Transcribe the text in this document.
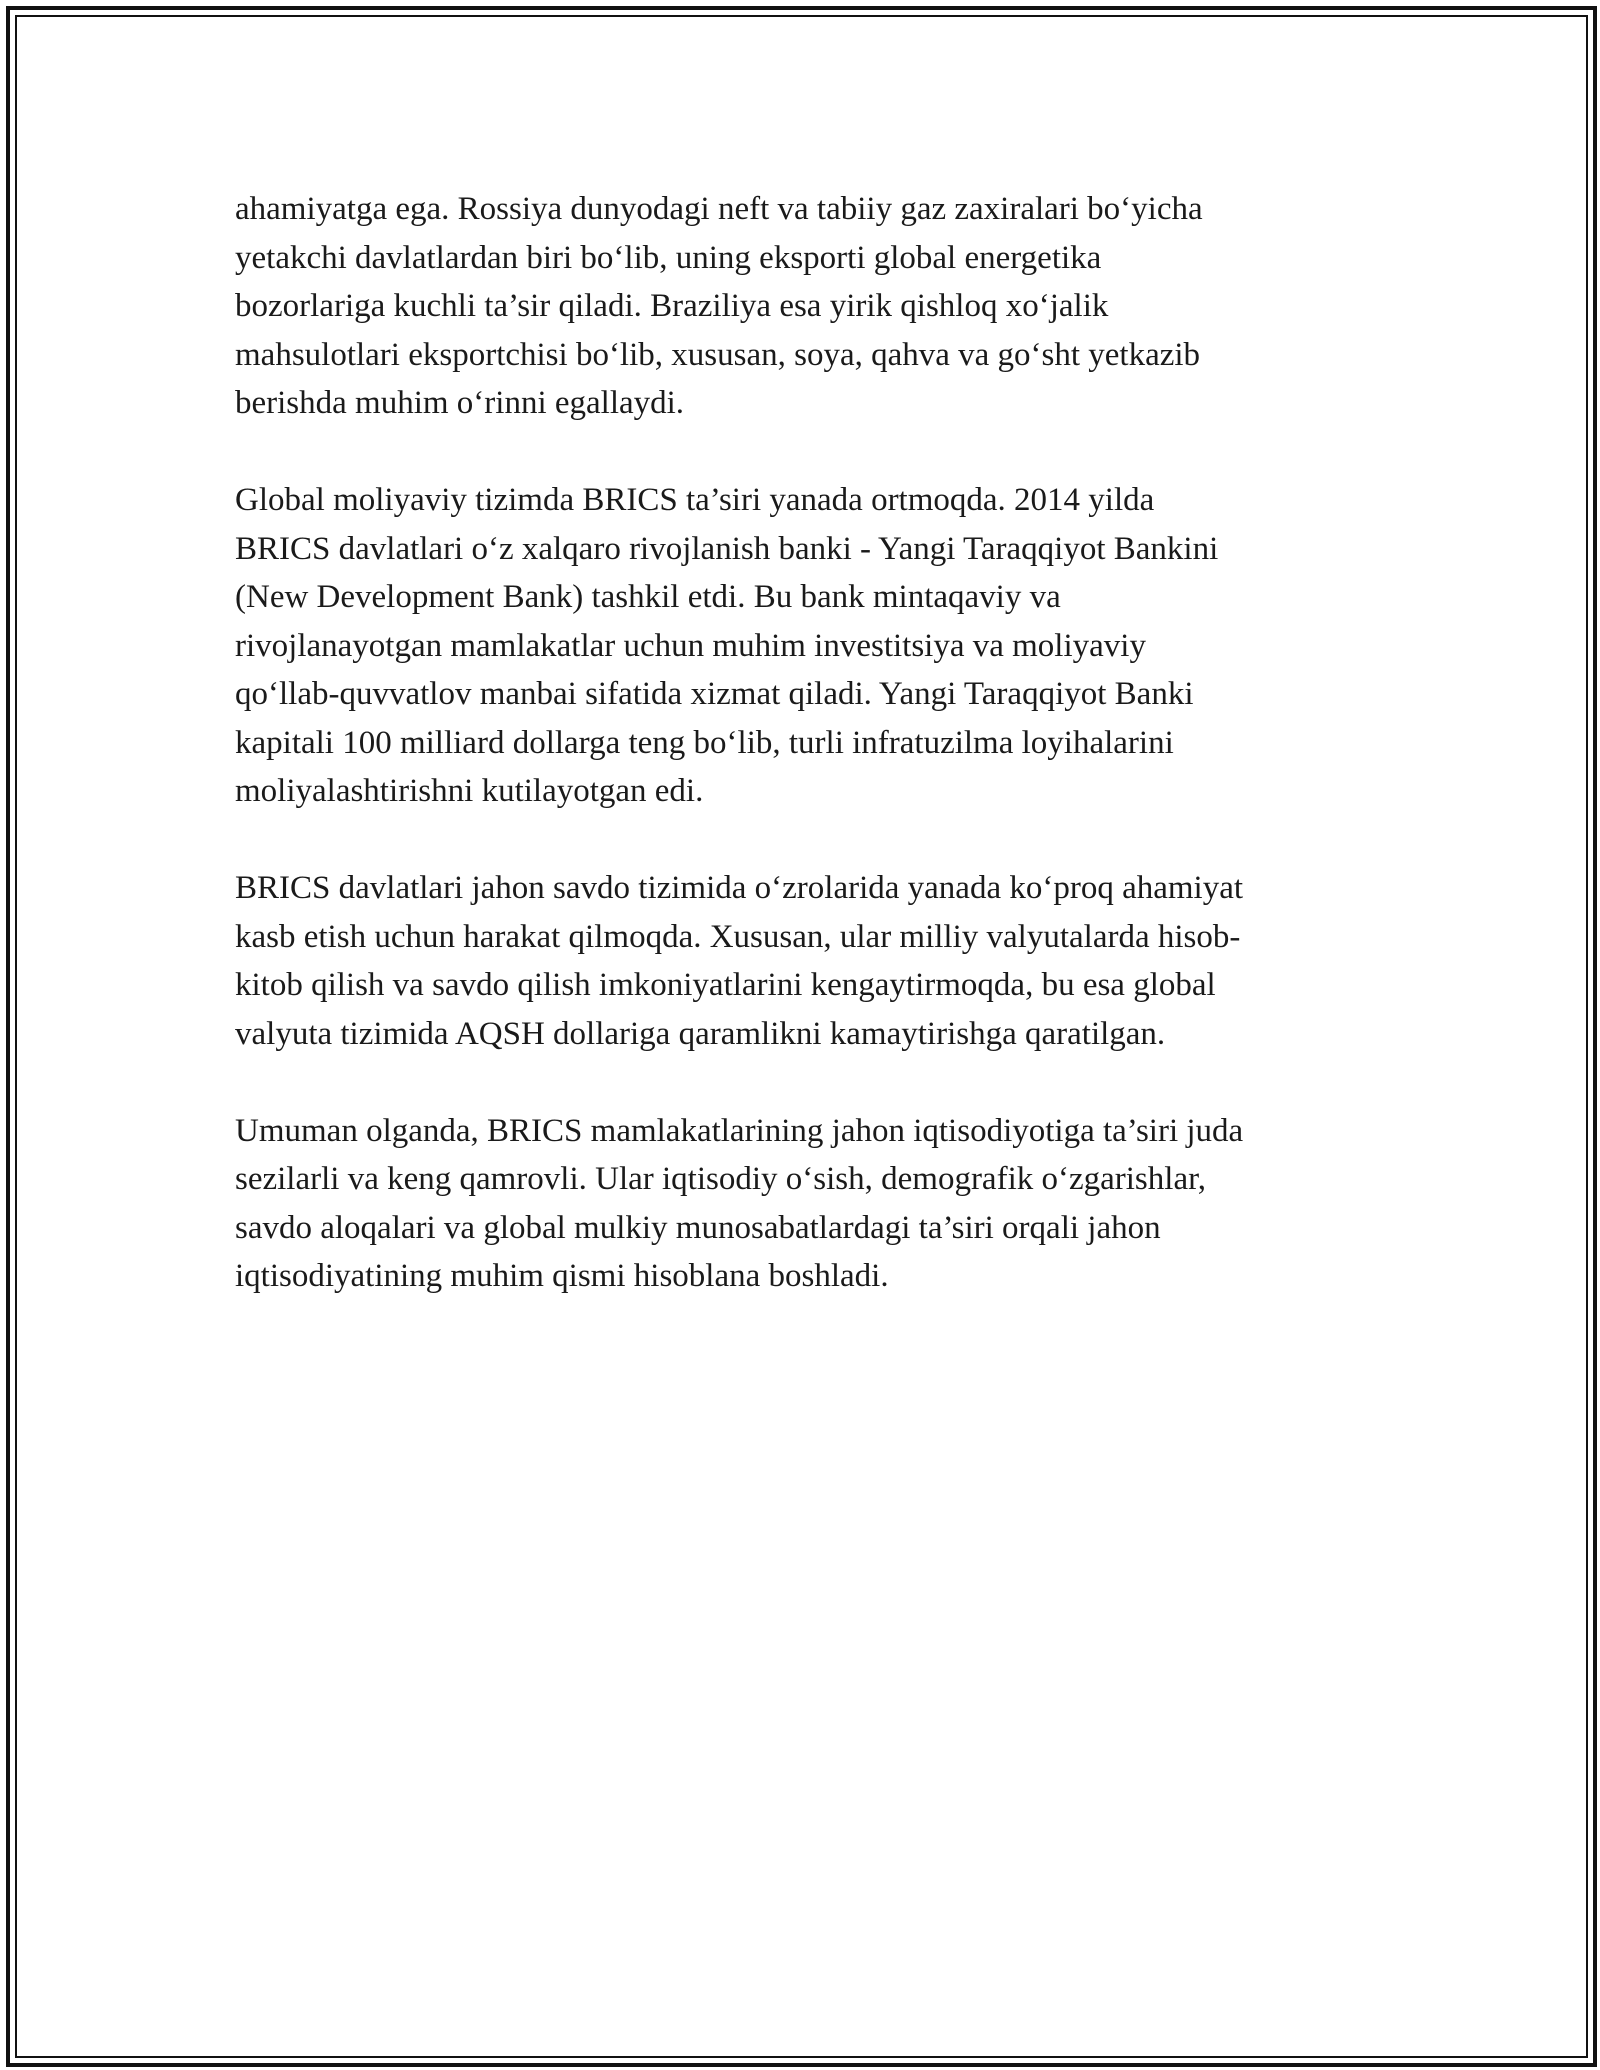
ahamiyatga ega. Rossiya dunyodagi neft va tabiiy gaz zaxiralari bo‘yicha
yetakchi davlatlardan biri bo‘lib, uning eksporti global energetika
bozorlariga kuchli ta’sir qiladi. Braziliya esa yirik qishloq xo‘jalik
mahsulotlari eksportchisi bo‘lib, xususan, soya, qahva va go‘sht yetkazib
berishda muhim o‘rinni egallaydi.

Global moliyaviy tizimda BRICS ta’siri yanada ortmoqda. 2014 yilda
BRICS davlatlari o‘z xalqaro rivojlanish banki - Yangi Taraqqiyot Bankini
(New Development Bank) tashkil etdi. Bu bank mintaqaviy va
rivojlanayotgan mamlakatlar uchun muhim investitsiya va moliyaviy
qo‘llab-quvvatlov manbai sifatida xizmat qiladi. Yangi Taraqqiyot Banki
kapitali 100 milliard dollarga teng bo‘lib, turli infratuzilma loyihalarini
moliyalashtirishni kutilayotgan edi.

BRICS davlatlari jahon savdo tizimida o‘zrolarida yanada ko‘proq ahamiyat
kasb etish uchun harakat qilmoqda. Xususan, ular milliy valyutalarda hisob-
kitob qilish va savdo qilish imkoniyatlarini kengaytirmoqda, bu esa global
valyuta tizimida AQSH dollariga qaramlikni kamaytirishga qaratilgan.

Umuman olganda, BRICS mamlakatlarining jahon iqtisodiyotiga ta’siri juda
sezilarli va keng qamrovli. Ular iqtisodiy o‘sish, demografik o‘zgarishlar,
savdo aloqalari va global mulkiy munosabatlardagi ta’siri orqali jahon
iqtisodiyatining muhim qismi hisoblana boshladi.
